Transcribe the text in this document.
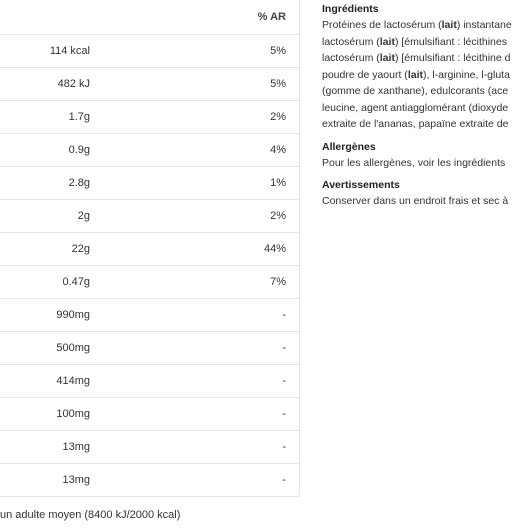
		% AR
	114 kcal	5%
	482 kJ	5%
	1.7g	2%
	0.9g	4%
	2.8g	1%
	2g	2%
	22g	44%
	0.47g	7%
	990mg	-
	500mg	-
	414mg	-
	100mg	-
	13mg	-
	13mg	-
un adulte moyen (8400 kJ/2000 kcal)
Ingrédients

Protéines de lactosérum (lait) instantane

lactosérum (lait) [émulsifiant : lécithines

lactosérum (lait) [émulsifiant : lécithine d

poudre de yaourt (lait), l-arginine, l-gluta

(gomme de xanthane), edulcorants (ace

leucine, agent antiagglomérant (dioxyde

extraite de l'ananas, papaïne extraite de

Allergènes

Pour les allergènes, voir les ingrédients

Avertissements

Conserver dans un endroit frais et sec à
